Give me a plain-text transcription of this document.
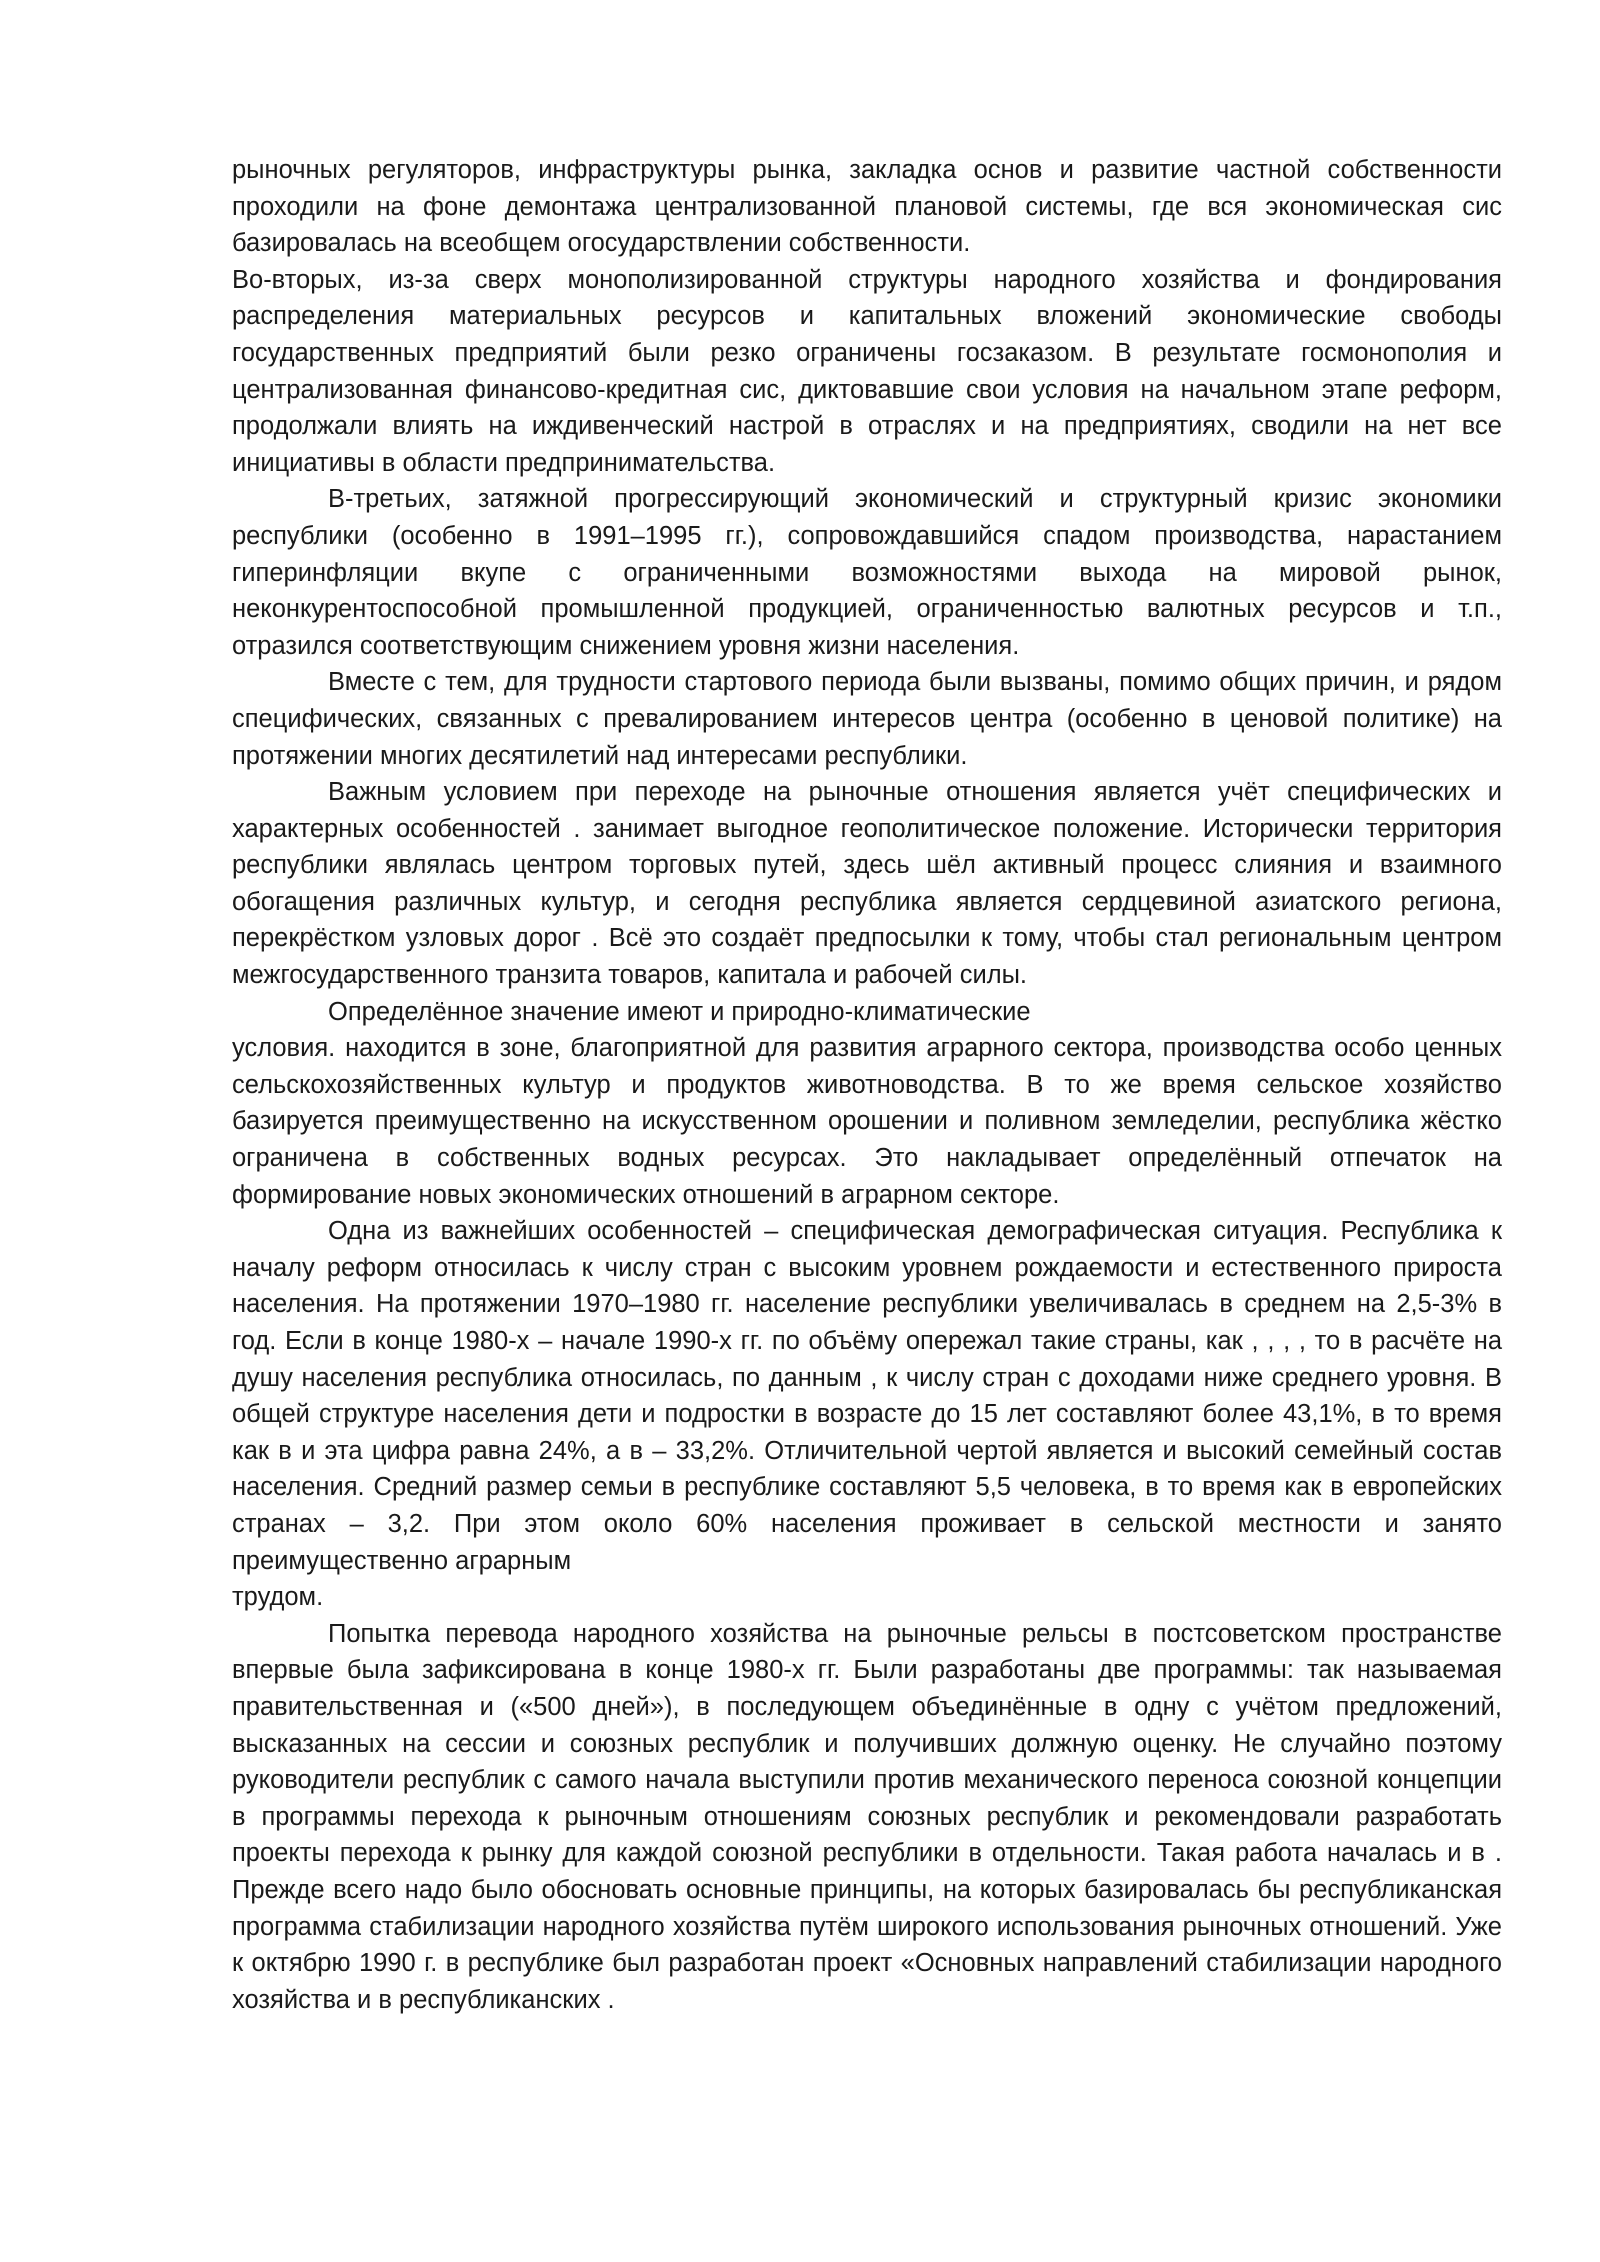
рыночных регуляторов, инфраструктуры рынка, закладка основ и развитие частной собственности проходили на фоне демонтажа централизованной плановой системы, где вся экономическая сис базировалась на всеобщем огосударствлении собственности.

Во-вторых, из-за сверх монополизированной структуры народного хозяйства и фондирования распределения материальных ресурсов и капитальных вложений экономические свободы государственных предприятий были резко ограничены госзаказом. В результате госмонополия и централизованная финансово-кредитная сис, диктовавшие свои условия на начальном этапе реформ, продолжали влиять на иждивенческий настрой в отраслях и на предприятиях, сводили на нет все инициативы в области предпринимательства.

В-третьих, затяжной прогрессирующий экономический и структурный кризис экономики республики (особенно в 1991–1995 гг.), сопровождавшийся спадом производства, нарастанием гиперинфляции вкупе с ограниченными возможностями выхода на мировой рынок, неконкурентоспособной промышленной продукцией, ограниченностью валютных ресурсов и т.п., отразился соответствующим снижением уровня жизни населения.

Вместе с тем, для трудности стартового периода были вызваны, помимо общих причин, и рядом специфических, связанных с превалированием интересов центра (особенно в ценовой политике) на протяжении многих десятилетий над интересами республики.

Важным условием при переходе на рыночные отношения является учёт специфических и характерных особенностей . занимает выгодное геополитическое положение. Исторически территория республики являлась центром торговых путей, здесь шёл активный процесс слияния и взаимного обогащения различных культур, и сегодня республика является сердцевиной азиатского региона, перекрёстком узловых дорог . Всё это создаёт предпосылки к тому, чтобы стал региональным центром межгосударственного транзита товаров, капитала и рабочей силы.

Определённое значение имеют и природно-климатические

условия. находится в зоне, благоприятной для развития аграрного сектора, производства особо ценных сельскохозяйственных культур и продуктов животноводства. В то же время сельское хозяйство базируется преимущественно на искусственном орошении и поливном земледелии, республика жёстко ограничена в собственных водных ресурсах. Это накладывает определённый отпечаток на формирование новых экономических отношений в аграрном секторе.

Одна из важнейших особенностей – специфическая демографическая ситуация. Республика к началу реформ относилась к числу стран с высоким уровнем рождаемости и естественного прироста населения. На протяжении 1970–1980 гг. население республики увеличивалась в среднем на 2,5-3% в год. Если в конце 1980-х – начале 1990-х гг. по объёму опережал такие страны, как , , , , то в расчёте на душу населения республика относилась, по данным , к числу стран с доходами ниже среднего уровня. В общей структуре населения дети и подростки в возрасте до 15 лет составляют более 43,1%, в то время как в и эта цифра равна 24%, а в – 33,2%. Отличительной чертой является и высокий семейный состав населения. Средний размер семьи в республике составляют 5,5 человека, в то время как в европейских странах – 3,2. При этом около 60% населения проживает в сельской местности и занято преимущественно аграрным

трудом.

Попытка перевода народного хозяйства на рыночные рельсы в постсоветском пространстве впервые была зафиксирована в конце 1980-х гг. Были разработаны две программы: так называемая правительственная и («500 дней»), в последующем объединённые в одну с учётом предложений, высказанных на сессии и союзных республик и получивших должную оценку. Не случайно поэтому руководители республик с самого начала выступили против механического переноса союзной концепции в программы перехода к рыночным отношениям союзных республик и рекомендовали разработать проекты перехода к рынку для каждой союзной республики в отдельности. Такая работа началась и в . Прежде всего надо было обосновать основные принципы, на которых базировалась бы республиканская программа стабилизации народного хозяйства путём широкого использования рыночных отношений. Уже к октябрю 1990 г. в республике был разработан проект «Основных направлений стабилизации народного хозяйства и в республиканских .
